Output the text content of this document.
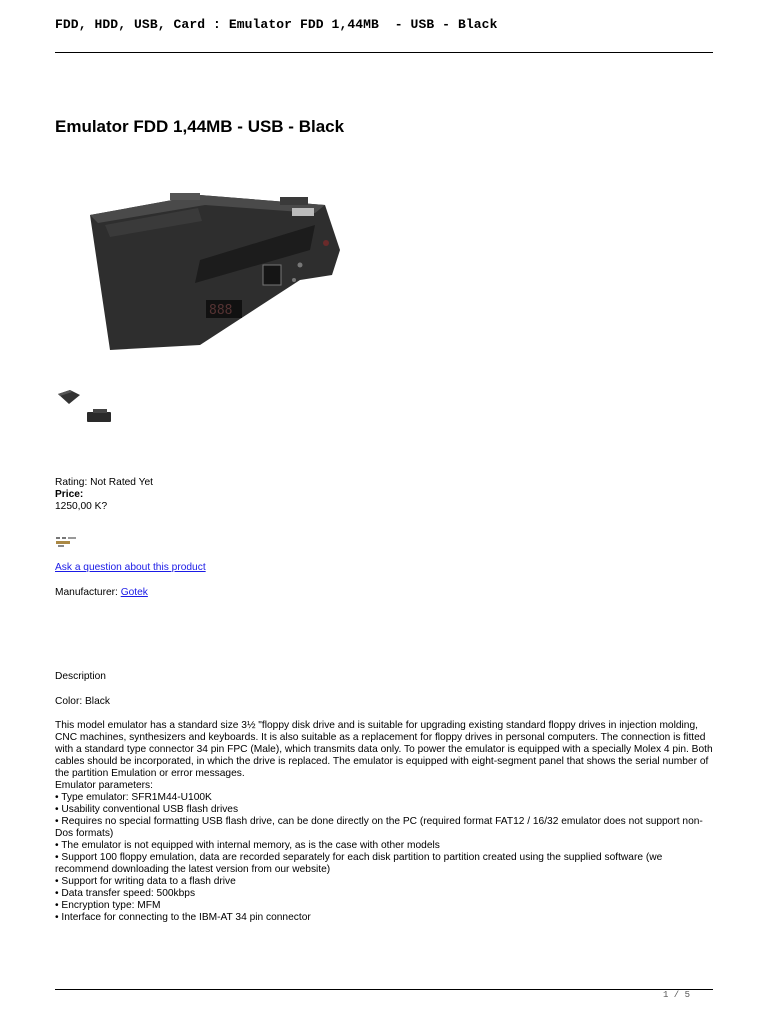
FDD, HDD, USB, Card : Emulator FDD 1,44MB  - USB - Black
Emulator FDD 1,44MB - USB - Black
888
Rating: Not Rated Yet
Price:
1250,00 K?
Ask a question about this product
Manufacturer: Gotek
Description
Color: Black

This model emulator has a standard size 3½ "floppy disk drive and is suitable for upgrading existing standard floppy drives in injection molding, CNC machines, synthesizers and keyboards. It is also suitable as a replacement for floppy drives in personal computers. The connection is fitted with a standard type connector 34 pin FPC (Male), which transmits data only. To power the emulator is equipped with a specially Molex 4 pin. Both cables should be incorporated, in which the drive is replaced. The emulator is equipped with eight-segment panel that shows the serial number of the partition Emulation or error messages.

Emulator parameters:
• Type emulator: SFR1M44-U100K
• Usability conventional USB flash drives
• Requires no special formatting USB flash drive, can be done directly on the PC (required format FAT12 / 16/32 emulator does not support non-Dos formats)
• The emulator is not equipped with internal memory, as is the case with other models
• Support 100 floppy emulation, data are recorded separately for each disk partition to partition created using the supplied software (we recommend downloading the latest version from our website)
• Support for writing data to a flash drive
• Data transfer speed: 500kbps
• Encryption type: MFM
• Interface for connecting to the IBM-AT 34 pin connector
1 / 5
